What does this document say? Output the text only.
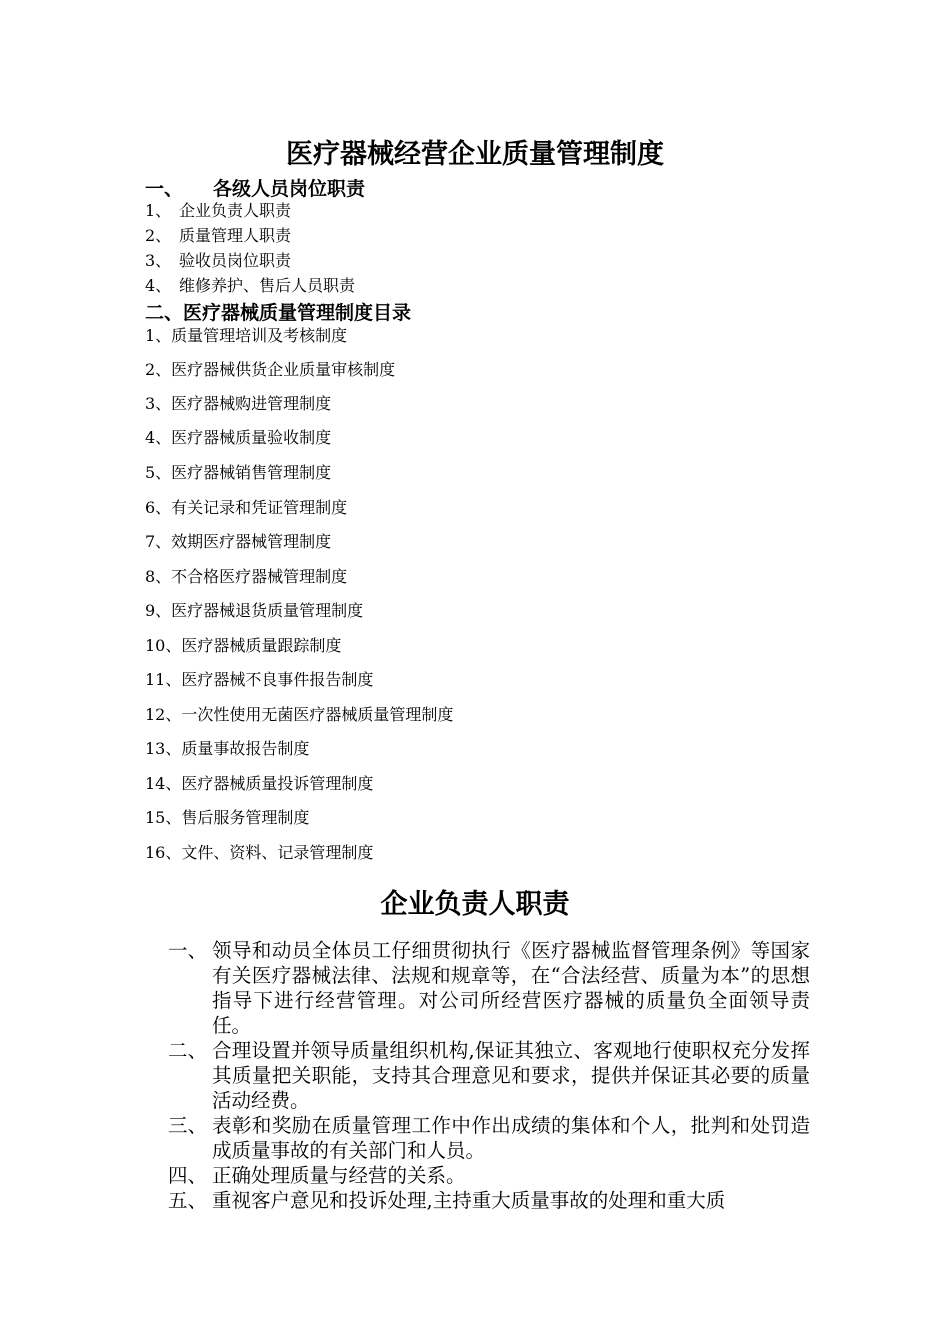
医疗器械经营企业质量管理制度
一、 各级人员岗位职责
1、 企业负责人职责
2、 质量管理人职责
3、 验收员岗位职责
4、 维修养护、售后人员职责
二、医疗器械质量管理制度目录
1、质量管理培训及考核制度
2、医疗器械供货企业质量审核制度
3、医疗器械购进管理制度
4、医疗器械质量验收制度
5、医疗器械销售管理制度
6、有关记录和凭证管理制度
7、效期医疗器械管理制度
8、不合格医疗器械管理制度
9、医疗器械退货质量管理制度
10、医疗器械质量跟踪制度
11、医疗器械不良事件报告制度
12、一次性使用无菌医疗器械质量管理制度
13、质量事故报告制度
14、医疗器械质量投诉管理制度
15、售后服务管理制度
16、文件、资料、记录管理制度
企业负责人职责
一、 领导和动员全体员工仔细贯彻执行《医疗器械监督管理条例》等国家有关医疗器械法律、法规和规章等，在“合法经营、质量为本”的思想指导下进行经营管理。对公司所经营医疗器械的质量负全面领导责任。
二、 合理设置并领导质量组织机构,保证其独立、客观地行使职权充分发挥其质量把关职能，支持其合理意见和要求，提供并保证其必要的质量活动经费。
三、 表彰和奖励在质量管理工作中作出成绩的集体和个人，批判和处罚造成质量事故的有关部门和人员。
四、 正确处理质量与经营的关系。
五、 重视客户意见和投诉处理,主持重大质量事故的处理和重大质
